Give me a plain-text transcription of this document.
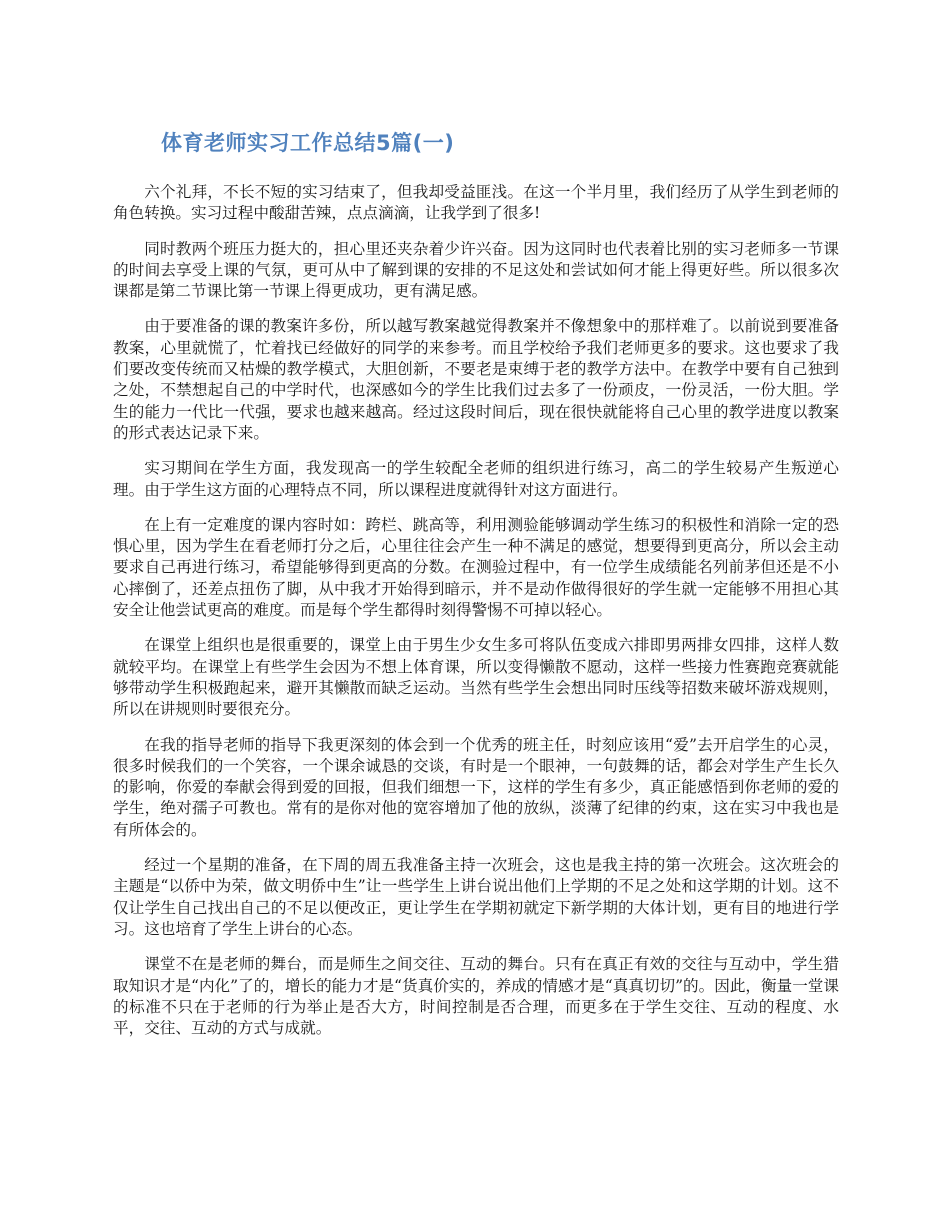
体育老师实习工作总结5篇(一)

六个礼拜，不长不短的实习结束了，但我却受益匪浅。在这一个半月里，我们经历了从学生到老师的角色转换。实习过程中酸甜苦辣，点点滴滴，让我学到了很多!

同时教两个班压力挺大的，担心里还夹杂着少许兴奋。因为这同时也代表着比别的实习老师多一节课的时间去享受上课的气氛，更可从中了解到课的安排的不足这处和尝试如何才能上得更好些。所以很多次课都是第二节课比第一节课上得更成功，更有满足感。

由于要准备的课的教案许多份，所以越写教案越觉得教案并不像想象中的那样难了。以前说到要准备教案，心里就慌了，忙着找已经做好的同学的来参考。而且学校给予我们老师更多的要求。这也要求了我们要改变传统而又枯燥的教学模式，大胆创新，不要老是束缚于老的教学方法中。在教学中要有自己独到之处，不禁想起自己的中学时代，也深感如今的学生比我们过去多了一份顽皮，一份灵活，一份大胆。学生的能力一代比一代强，要求也越来越高。经过这段时间后，现在很快就能将自己心里的教学进度以教案的形式表达记录下来。

实习期间在学生方面，我发现高一的学生较配全老师的组织进行练习，高二的学生较易产生叛逆心理。由于学生这方面的心理特点不同，所以课程进度就得针对这方面进行。

在上有一定难度的课内容时如：跨栏、跳高等，利用测验能够调动学生练习的积极性和消除一定的恐惧心里，因为学生在看老师打分之后，心里往往会产生一种不满足的感觉，想要得到更高分，所以会主动要求自己再进行练习，希望能够得到更高的分数。在测验过程中，有一位学生成绩能名列前茅但还是不小心摔倒了，还差点扭伤了脚，从中我才开始得到暗示，并不是动作做得很好的学生就一定能够不用担心其安全让他尝试更高的难度。而是每个学生都得时刻得警惕不可掉以轻心。

在课堂上组织也是很重要的，课堂上由于男生少女生多可将队伍变成六排即男两排女四排，这样人数就较平均。在课堂上有些学生会因为不想上体育课，所以变得懒散不愿动，这样一些接力性赛跑竞赛就能够带动学生积极跑起来，避开其懒散而缺乏运动。当然有些学生会想出同时压线等招数来破坏游戏规则，所以在讲规则时要很充分。

在我的指导老师的指导下我更深刻的体会到一个优秀的班主任，时刻应该用“爱”去开启学生的心灵，很多时候我们的一个笑容，一个课余诚恳的交谈，有时是一个眼神，一句鼓舞的话，都会对学生产生长久的影响，你爱的奉献会得到爱的回报，但我们细想一下，这样的学生有多少，真正能感悟到你老师的爱的学生，绝对孺子可教也。常有的是你对他的宽容增加了他的放纵，淡薄了纪律的约束，这在实习中我也是有所体会的。

经过一个星期的准备，在下周的周五我准备主持一次班会，这也是我主持的第一次班会。这次班会的主题是“以侨中为荣，做文明侨中生”让一些学生上讲台说出他们上学期的不足之处和这学期的计划。这不仅让学生自己找出自己的不足以便改正，更让学生在学期初就定下新学期的大体计划，更有目的地进行学习。这也培育了学生上讲台的心态。

课堂不在是老师的舞台，而是师生之间交往、互动的舞台。只有在真正有效的交往与互动中，学生猎取知识才是“内化”了的，增长的能力才是“货真价实的，养成的情感才是“真真切切”的。因此，衡量一堂课的标准不只在于老师的行为举止是否大方，时间控制是否合理，而更多在于学生交往、互动的程度、水平，交往、互动的方式与成就。
